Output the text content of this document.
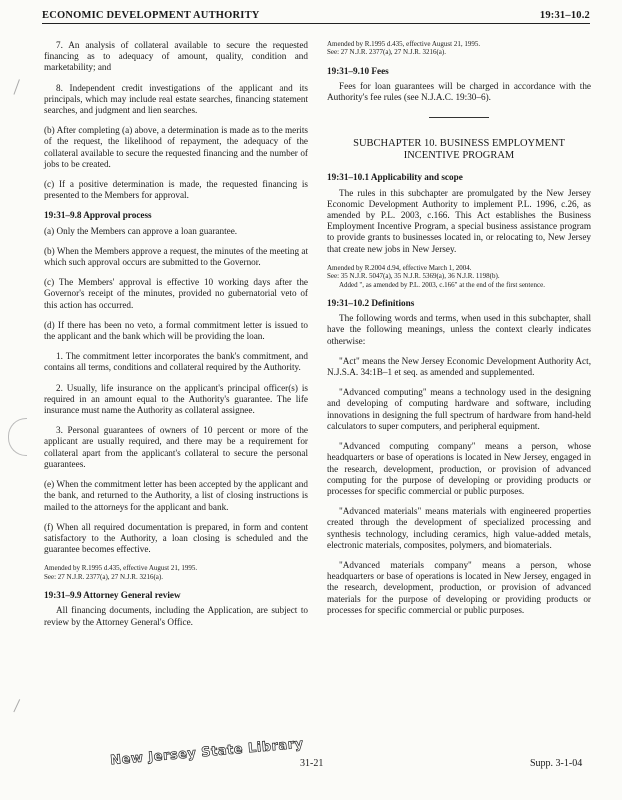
ECONOMIC DEVELOPMENT AUTHORITY	19:31–10.2

7. An analysis of collateral available to secure the requested financing as to adequacy of amount, quality, condition and marketability; and

8. Independent credit investigations of the applicant and its principals, which may include real estate searches, financing statement searches, and judgment and lien searches.

(b) After completing (a) above, a determination is made as to the merits of the request, the likelihood of repayment, the adequacy of the collateral available to secure the requested financing and the number of jobs to be created.

(c) If a positive determination is made, the requested financing is presented to the Members for approval.

19:31–9.8 Approval process

(a) Only the Members can approve a loan guarantee.

(b) When the Members approve a request, the minutes of the meeting at which such approval occurs are submitted to the Governor.

(c) The Members' approval is effective 10 working days after the Governor's receipt of the minutes, provided no gubernatorial veto of this action has occurred.

(d) If there has been no veto, a formal commitment letter is issued to the applicant and the bank which will be providing the loan.

1. The commitment letter incorporates the bank's commitment, and contains all terms, conditions and collateral required by the Authority.

2. Usually, life insurance on the applicant's principal officer(s) is required in an amount equal to the Authority's guarantee. The life insurance must name the Authority as collateral assignee.

3. Personal guarantees of owners of 10 percent or more of the applicant are usually required, and there may be a requirement for collateral apart from the applicant's collateral to secure the personal guarantees.

(e) When the commitment letter has been accepted by the applicant and the bank, and returned to the Authority, a list of closing instructions is mailed to the attorneys for the applicant and bank.

(f) When all required documentation is prepared, in form and content satisfactory to the Authority, a loan closing is scheduled and the guarantee becomes effective.

Amended by R.1995 d.435, effective August 21, 1995.
See: 27 N.J.R. 2377(a), 27 N.J.R. 3216(a).

19:31–9.9 Attorney General review

All financing documents, including the Application, are subject to review by the Attorney General's Office.

Amended by R.1995 d.435, effective August 21, 1995.
See: 27 N.J.R. 2377(a), 27 N.J.R. 3216(a).

19:31–9.10 Fees

Fees for loan guarantees will be charged in accordance with the Authority's fee rules (see N.J.A.C. 19:30–6).

SUBCHAPTER 10. BUSINESS EMPLOYMENT
INCENTIVE PROGRAM

19:31–10.1 Applicability and scope

The rules in this subchapter are promulgated by the New Jersey Economic Development Authority to implement P.L. 1996, c.26, as amended by P.L. 2003, c.166. This Act establishes the Business Employment Incentive Program, a special business assistance program to provide grants to businesses located in, or relocating to, New Jersey that create new jobs in New Jersey.

Amended by R.2004 d.94, effective March 1, 2004.
See: 35 N.J.R. 5047(a), 35 N.J.R. 5369(a), 36 N.J.R. 1198(b).
Added ", as amended by P.L. 2003, c.166" at the end of the first sentence.

19:31–10.2 Definitions

The following words and terms, when used in this subchapter, shall have the following meanings, unless the context clearly indicates otherwise:

"Act" means the New Jersey Economic Development Authority Act, N.J.S.A. 34:1B–1 et seq. as amended and supplemented.

"Advanced computing" means a technology used in the designing and developing of computing hardware and software, including innovations in designing the full spectrum of hardware from hand-held calculators to super computers, and peripheral equipment.

"Advanced computing company" means a person, whose headquarters or base of operations is located in New Jersey, engaged in the research, development, production, or provision of advanced computing for the purpose of developing or providing products or processes for specific commercial or public purposes.

"Advanced materials" means materials with engineered properties created through the development of specialized processing and synthesis technology, including ceramics, high value-added metals, electronic materials, composites, polymers, and biomaterials.

"Advanced materials company" means a person, whose headquarters or base of operations is located in New Jersey, engaged in the research, development, production, or provision of advanced materials for the purpose of developing or providing products or processes for specific commercial or public purposes.

New Jersey State Library
31-21	Supp. 3-1-04
